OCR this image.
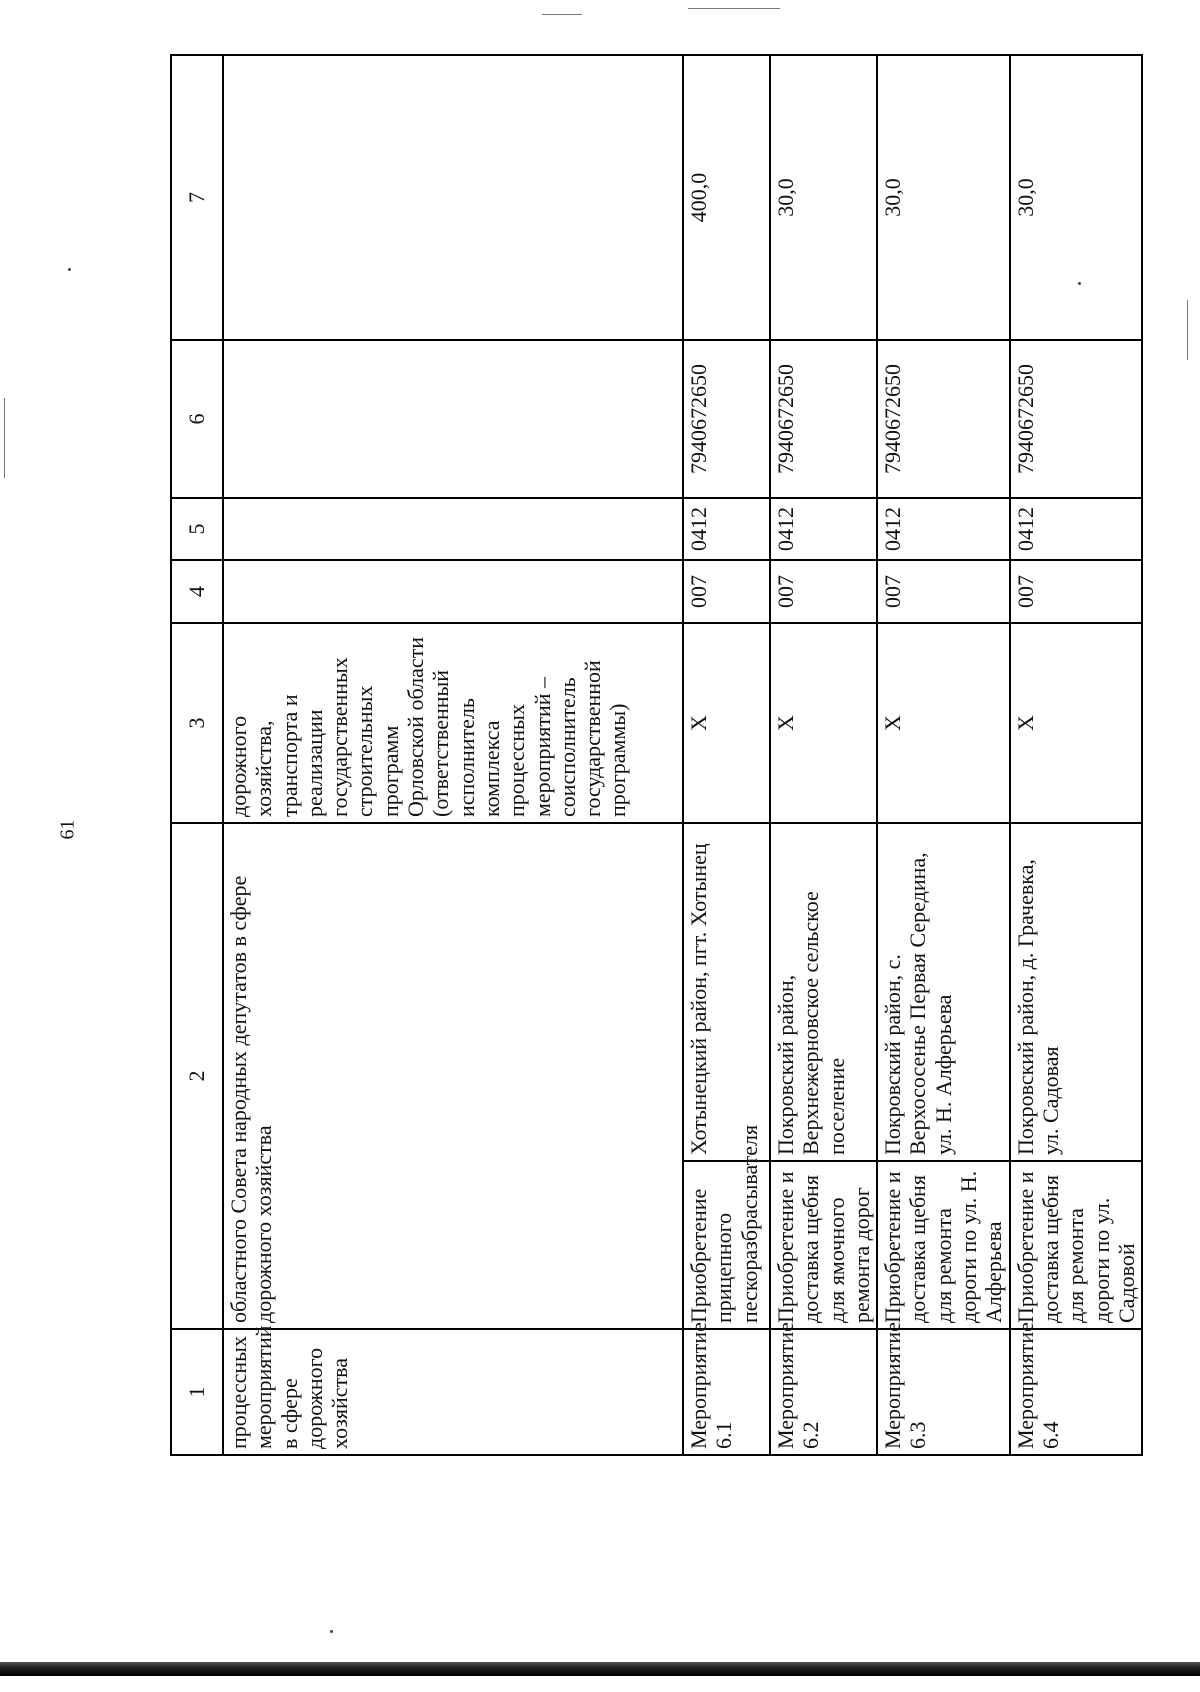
61
	1	2		3	4	5	6	7
	процессных мероприятий в сфере дорожного хозяйства	областного Совета народных депутатов в сфере дорожного хозяйства		дорожного хозяйства, транспорта и реализации государственных строительных программ Орловской области (ответственный исполнитель комплекса процессных мероприятий – соисполнитель государственной программы)				
	Мероприятие 6.1	Приобретение прицепного пескоразбрасывателя	Хотынецкий район, пгт. Хотынец	X	007	0412	7940672650	400,0
	Мероприятие 6.2	Приобретение и доставка щебня для ямочного ремонта дорог	Покровский район, Верхнежерновское сельское поселение	X	007	0412	7940672650	30,0
	Мероприятие 6.3	Приобретение и доставка щебня для ремонта дороги по ул. Н. Алферьева	Покровский район, с. Верхососенье Первая Середина, ул. Н. Алферьева	X	007	0412	7940672650	30,0
	Мероприятие 6.4	Приобретение и доставка щебня для ремонта дороги по ул. Садовой	Покровский район, д. Грачевка, ул. Садовая	X	007	0412	7940672650	30,0
